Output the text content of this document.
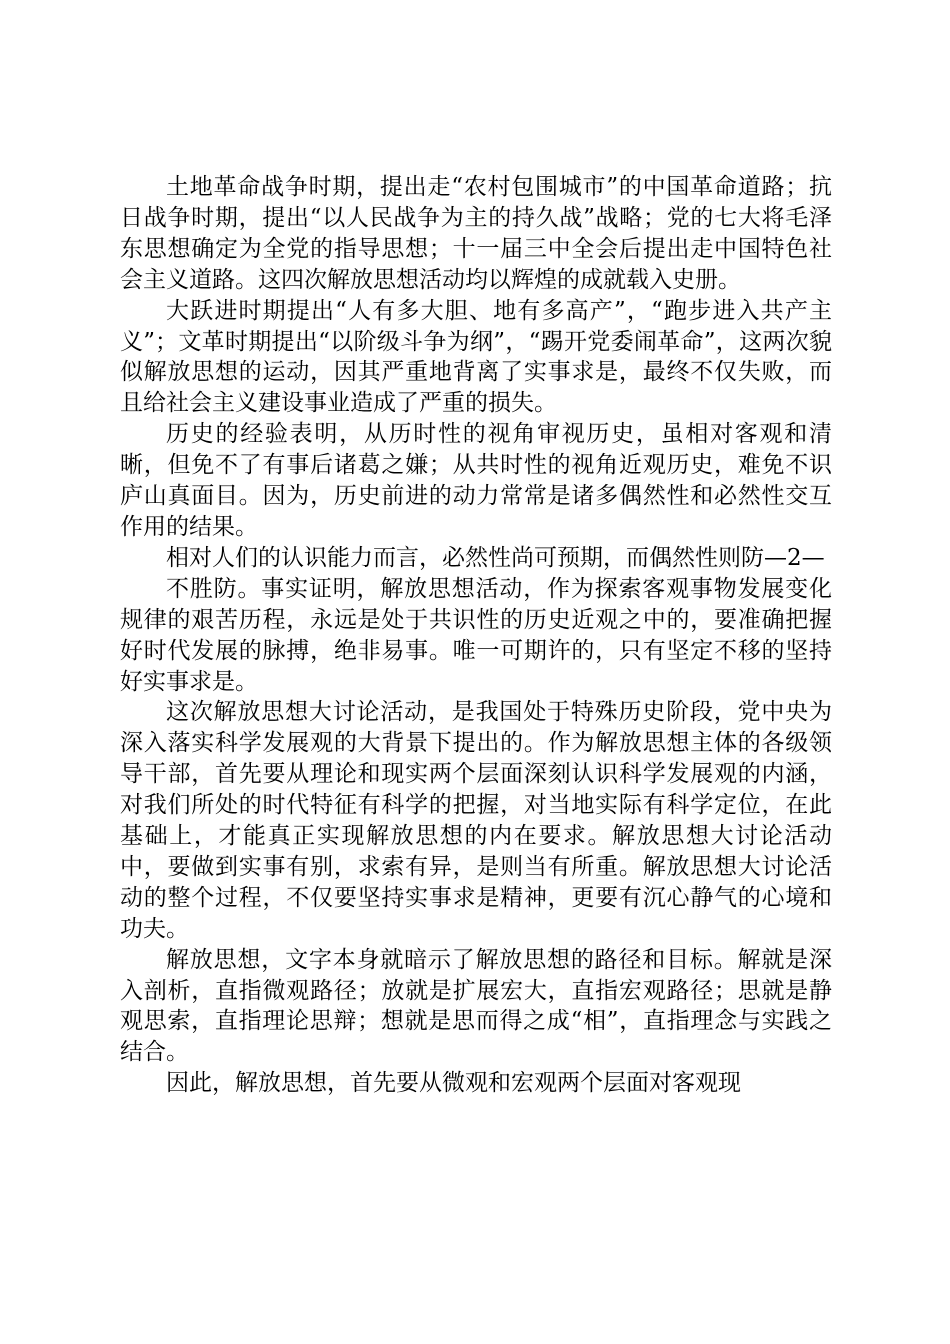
土地革命战争时期，提出走“农村包围城市”的中国革命道路；抗日战争时期，提出“以人民战争为主的持久战”战略；党的七大将毛泽东思想确定为全党的指导思想；十一届三中全会后提出走中国特色社会主义道路。这四次解放思想活动均以辉煌的成就载入史册。

大跃进时期提出“人有多大胆、地有多高产”，“跑步进入共产主义”；文革时期提出“以阶级斗争为纲”，“踢开党委闹革命”，这两次貌似解放思想的运动，因其严重地背离了实事求是，最终不仅失败，而且给社会主义建设事业造成了严重的损失。

历史的经验表明，从历时性的视角审视历史，虽相对客观和清晰，但免不了有事后诸葛之嫌；从共时性的视角近观历史，难免不识庐山真面目。因为，历史前进的动力常常是诸多偶然性和必然性交互作用的结果。

相对人们的认识能力而言，必然性尚可预期，而偶然性则防—2—

不胜防。事实证明，解放思想活动，作为探索客观事物发展变化规律的艰苦历程，永远是处于共识性的历史近观之中的，要准确把握好时代发展的脉搏，绝非易事。唯一可期许的，只有坚定不移的坚持好实事求是。

这次解放思想大讨论活动，是我国处于特殊历史阶段，党中央为深入落实科学发展观的大背景下提出的。作为解放思想主体的各级领导干部，首先要从理论和现实两个层面深刻认识科学发展观的内涵，对我们所处的时代特征有科学的把握，对当地实际有科学定位，在此基础上，才能真正实现解放思想的内在要求。解放思想大讨论活动中，要做到实事有别，求索有异，是则当有所重。解放思想大讨论活动的整个过程，不仅要坚持实事求是精神，更要有沉心静气的心境和功夫。

解放思想，文字本身就暗示了解放思想的路径和目标。解就是深入剖析，直指微观路径；放就是扩展宏大，直指宏观路径；思就是静观思索，直指理论思辩；想就是思而得之成“相”，直指理念与实践之结合。

因此，解放思想，首先要从微观和宏观两个层面对客观现
